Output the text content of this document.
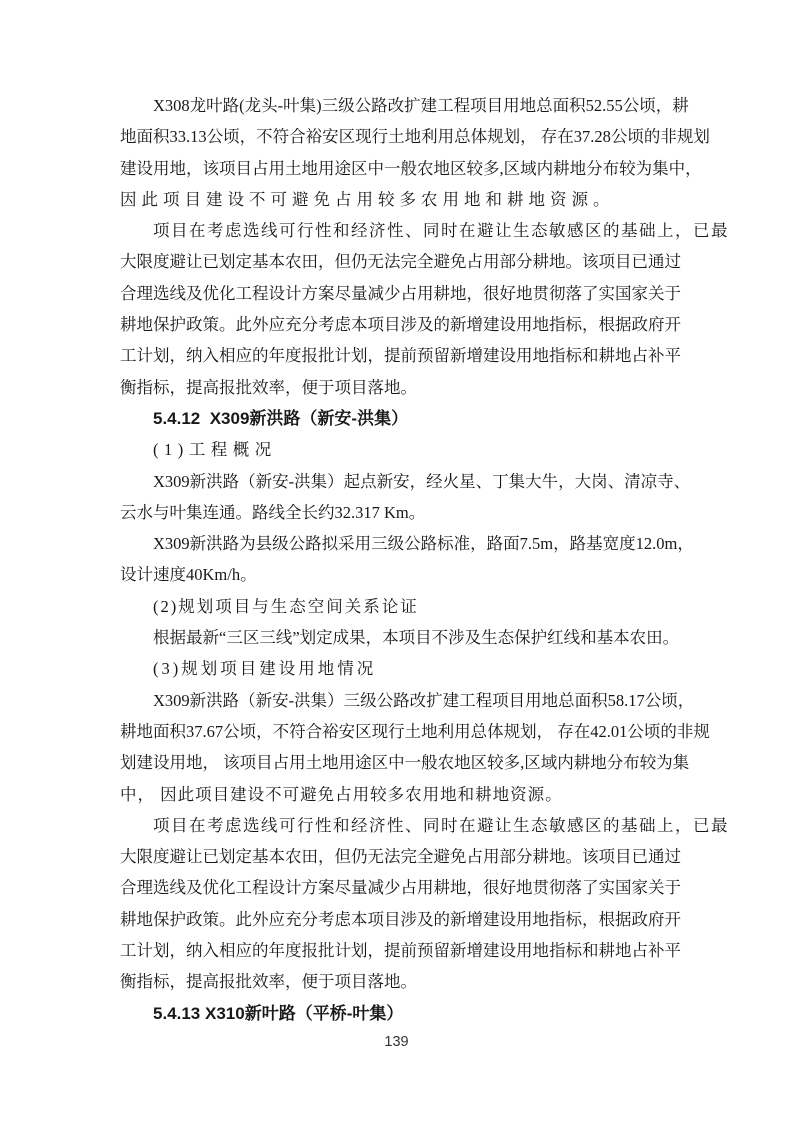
X308龙叶路(龙头-叶集)三级公路改扩建工程项目用地总面积52.55公顷，耕
地面积33.13公顷，不符合裕安区现行土地利用总体规划， 存在37.28公顷的非规划
建设用地，该项目占用土地用途区中一般农地区较多,区域内耕地分布较为集中，
因此项目建设不可避免占用较多农用地和耕地资源。
项目在考虑选线可行性和经济性、同时在避让生态敏感区的基础上，已最
大限度避让已划定基本农田，但仍无法完全避免占用部分耕地。该项目已通过
合理选线及优化工程设计方案尽量减少占用耕地，很好地贯彻落了实国家关于
耕地保护政策。此外应充分考虑本项目涉及的新增建设用地指标，根据政府开
工计划，纳入相应的年度报批计划，提前预留新增建设用地指标和耕地占补平
衡指标，提高报批效率，便于项目落地。
5.4.12  X309新洪路（新安-洪集）
(1)工程概况
X309新洪路（新安-洪集）起点新安，经火星、丁集大牛，大岗、清凉寺、
云水与叶集连通。路线全长约32.317 Km。
X309新洪路为县级公路拟采用三级公路标准，路面7.5m，路基宽度12.0m，
设计速度40Km/h。
(2)规划项目与生态空间关系论证
根据最新“三区三线”划定成果，本项目不涉及生态保护红线和基本农田。
(3)规划项目建设用地情况
X309新洪路（新安-洪集）三级公路改扩建工程项目用地总面积58.17公顷，
耕地面积37.67公顷，不符合裕安区现行土地利用总体规划， 存在42.01公顷的非规
划建设用地， 该项目占用土地用途区中一般农地区较多,区域内耕地分布较为集
中， 因此项目建设不可避免占用较多农用地和耕地资源。
项目在考虑选线可行性和经济性、同时在避让生态敏感区的基础上，已最
大限度避让已划定基本农田，但仍无法完全避免占用部分耕地。该项目已通过
合理选线及优化工程设计方案尽量减少占用耕地，很好地贯彻落了实国家关于
耕地保护政策。此外应充分考虑本项目涉及的新增建设用地指标，根据政府开
工计划，纳入相应的年度报批计划，提前预留新增建设用地指标和耕地占补平
衡指标，提高报批效率，便于项目落地。
5.4.13 X310新叶路（平桥-叶集）
139
